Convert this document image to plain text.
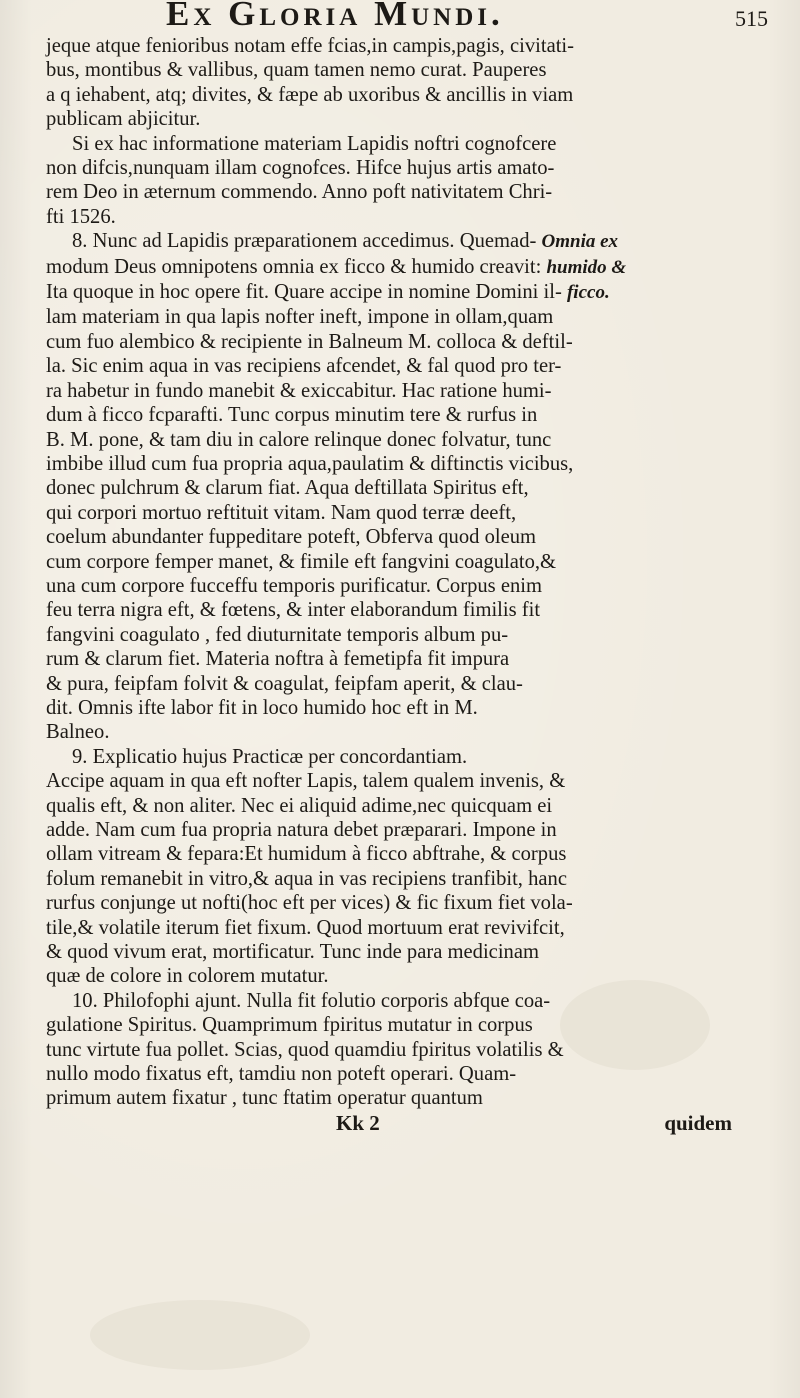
Ex Gloria Mundi.	515

jeque atque fenioribus notam effe fcias,in campis,pagis, civitati-

bus, montibus & vallibus, quam tamen nemo curat. Pauperes

a q iehabent, atq; divites, & fæpe ab uxoribus & ancillis in viam

publicam abjicitur.

Si ex hac informatione materiam Lapidis noftri cognofcere

non difcis,nunquam illam cognofces. Hifce hujus artis amato-

rem Deo in æternum commendo. Anno poft nativitatem Chri-

fti 1526.

8. Nunc ad Lapidis præparationem accedimus. Quemad- Omnia ex

modum Deus omnipotens omnia ex ficco & humido creavit: humido &

Ita quoque in hoc opere fit. Quare accipe in nomine Domini il- ficco.

lam materiam in qua lapis nofter ineft, impone in ollam,quam

cum fuo alembico & recipiente in Balneum M. colloca & deftil-

la. Sic enim aqua in vas recipiens afcendet, & fal quod pro ter-

ra habetur in fundo manebit & exiccabitur. Hac ratione humi-

dum à ficco fcparafti. Tunc corpus minutim tere & rurfus in

B. M. pone, & tam diu in calore relinque donec folvatur, tunc

imbibe illud cum fua propria aqua,paulatim & diftinctis vicibus,

donec pulchrum & clarum fiat. Aqua deftillata Spiritus eft,

qui corpori mortuo reftituit vitam. Nam quod terræ deeft,

coelum abundanter fuppeditare poteft, Obferva quod oleum

cum corpore femper manet, & fimile eft fangvini coagulato,&

una cum corpore fucceffu temporis purificatur. Corpus enim

feu terra nigra eft, & fœtens, & inter elaborandum fimilis fit

fangvini coagulato , fed diuturnitate temporis album pu-

rum & clarum fiet. Materia noftra à femetipfa fit impura

& pura, feipfam folvit & coagulat, feipfam aperit, & clau-

dit. Omnis ifte labor fit in loco humido hoc eft in M.

Balneo.

9. Explicatio hujus Practicæ per concordantiam.

Accipe aquam in qua eft nofter Lapis, talem qualem invenis, &

qualis eft, & non aliter. Nec ei aliquid adime,nec quicquam ei

adde. Nam cum fua propria natura debet præparari. Impone in

ollam vitream & fepara:Et humidum à ficco abftrahe, & corpus

folum remanebit in vitro,& aqua in vas recipiens tranfibit, hanc

rurfus conjunge ut nofti(hoc eft per vices) & fic fixum fiet vola-

tile,& volatile iterum fiet fixum. Quod mortuum erat revivifcit,

& quod vivum erat, mortificatur. Tunc inde para medicinam

quæ de colore in colorem mutatur.

10. Philofophi ajunt. Nulla fit folutio corporis abfque coa-

gulatione Spiritus. Quamprimum fpiritus mutatur in corpus

tunc virtute fua pollet. Scias, quod quamdiu fpiritus volatilis &

nullo modo fixatus eft, tamdiu non poteft operari. Quam-

primum autem fixatur , tunc ftatim operatur quantum

Kk 2	quidem
